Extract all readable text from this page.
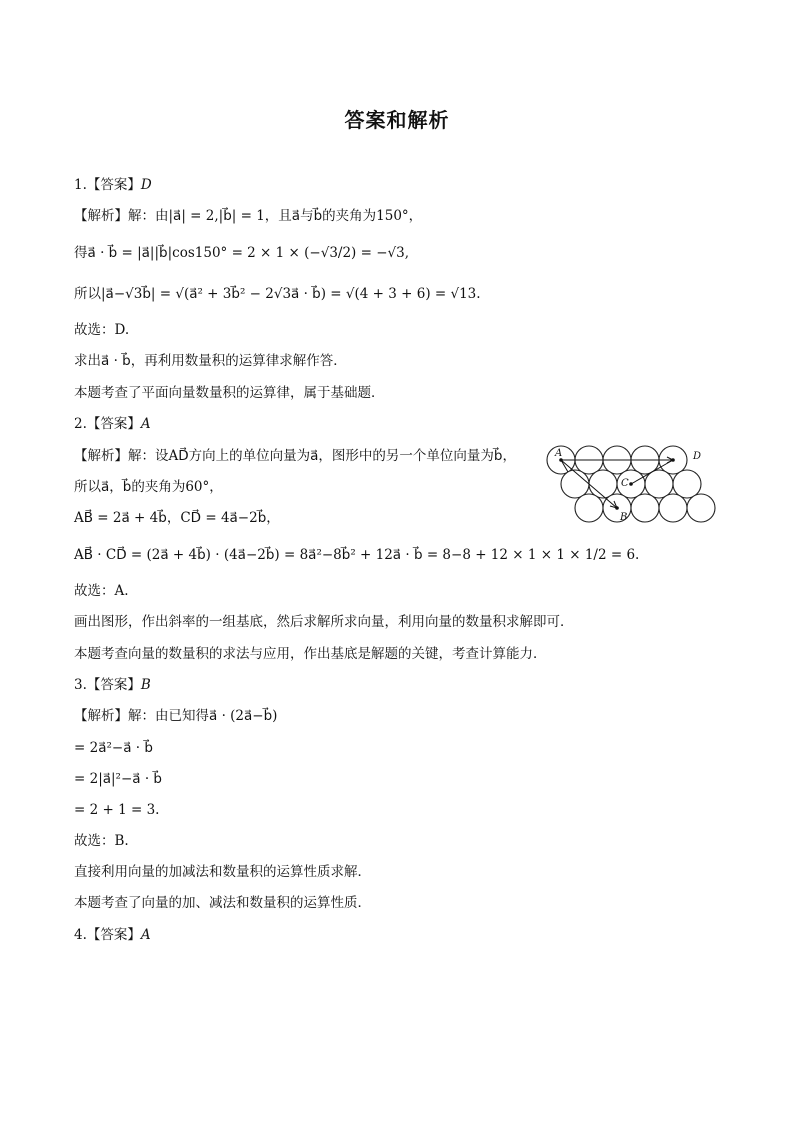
答案和解析
1.【答案】D
【解析】解：由|a⃗| = 2,|b⃗| = 1，且a⃗与b⃗的夹角为150°，
得a⃗ · b⃗ = |a⃗||b⃗|cos150° = 2 × 1 × (−√3/2) = −√3,
所以|a⃗−√3b⃗| = √(a⃗² + 3b⃗² − 2√3a⃗ · b⃗) = √(4 + 3 + 6) = √13.
故选：D.
求出a⃗ · b⃗，再利用数量积的运算律求解作答．
本题考查了平面向量数量积的运算律，属于基础题．
2.【答案】A
【解析】解：设AD⃗方向上的单位向量为a⃗，图形中的另一个单位向量为b⃗，
所以a⃗，b⃗的夹角为60°，
AB⃗ = 2a⃗ + 4b⃗，CD⃗ = 4a⃗−2b⃗，
AB⃗ · CD⃗ = (2a⃗ + 4b⃗) · (4a⃗−2b⃗) = 8a⃗²−8b⃗² + 12a⃗ · b⃗ = 8−8 + 12 × 1 × 1 × 1/2 = 6.
故选：A.
画出图形，作出斜率的一组基底，然后求解所求向量，利用向量的数量积求解即可．
本题考查向量的数量积的求法与应用，作出基底是解题的关键，考查计算能力．
A
B
C
D
3.【答案】B
【解析】解：由已知得a⃗ · (2a⃗−b⃗)
= 2a⃗²−a⃗ · b⃗
= 2|a⃗|²−a⃗ · b⃗
= 2 + 1 = 3.
故选：B.
直接利用向量的加减法和数量积的运算性质求解．
本题考查了向量的加、减法和数量积的运算性质．
4.【答案】A
